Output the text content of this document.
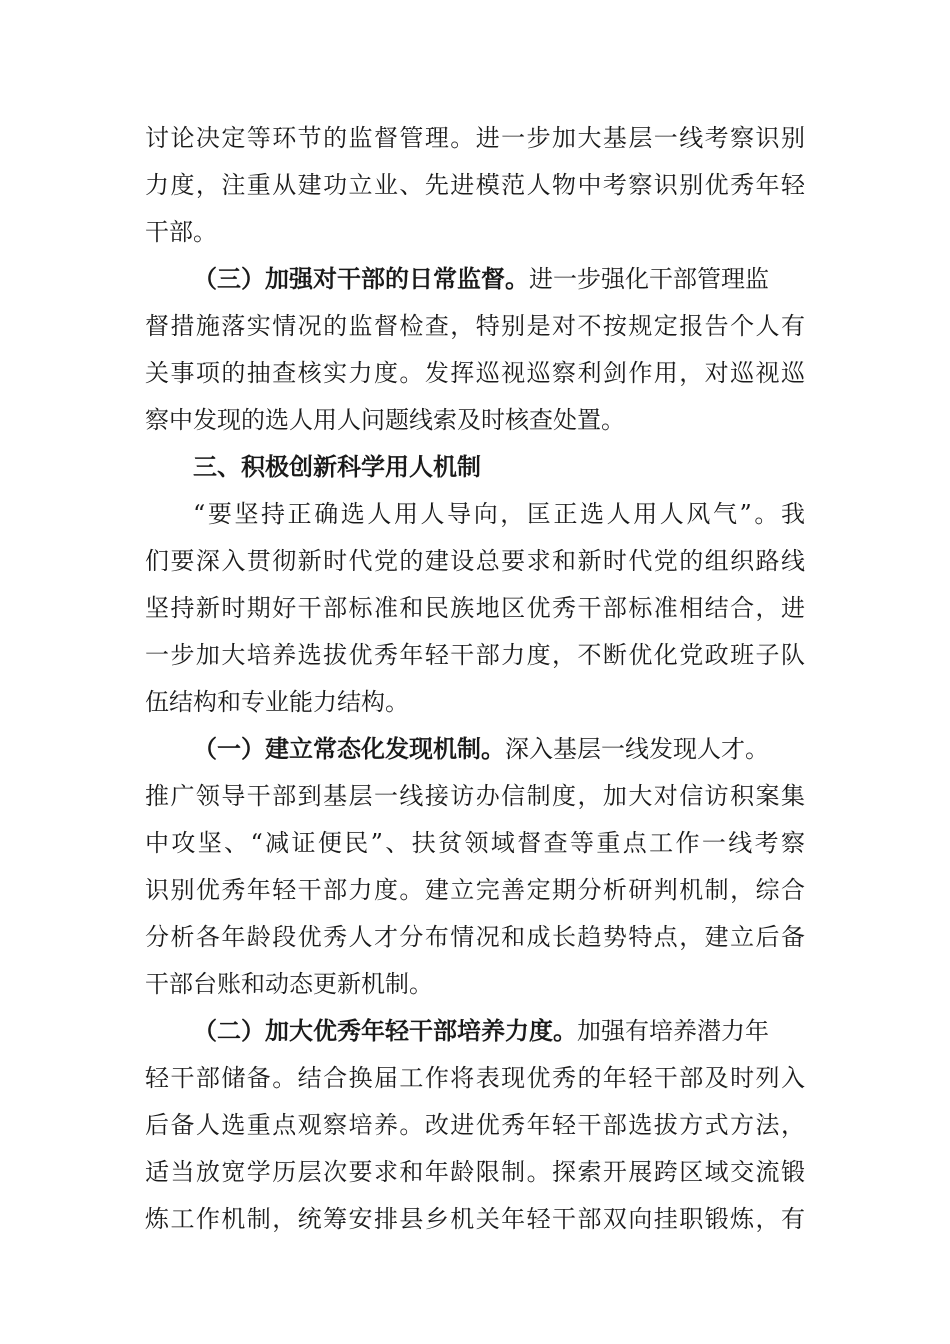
讨论决定等环节的监督管理。进一步加大基层一线考察识别
力度，注重从建功立业、先进模范人物中考察识别优秀年轻
干部。
（三）加强对干部的日常监督。进一步强化干部管理监
督措施落实情况的监督检查，特别是对不按规定报告个人有
关事项的抽查核实力度。发挥巡视巡察利剑作用，对巡视巡
察中发现的选人用人问题线索及时核查处置。
三、积极创新科学用人机制
“要坚持正确选人用人导向，匡正选人用人风气”。我
们要深入贯彻新时代党的建设总要求和新时代党的组织路线
坚持新时期好干部标准和民族地区优秀干部标准相结合，进
一步加大培养选拔优秀年轻干部力度，不断优化党政班子队
伍结构和专业能力结构。
（一）建立常态化发现机制。深入基层一线发现人才。
推广领导干部到基层一线接访办信制度，加大对信访积案集
中攻坚、“减证便民”、扶贫领域督查等重点工作一线考察
识别优秀年轻干部力度。建立完善定期分析研判机制，综合
分析各年龄段优秀人才分布情况和成长趋势特点，建立后备
干部台账和动态更新机制。
（二）加大优秀年轻干部培养力度。加强有培养潜力年
轻干部储备。结合换届工作将表现优秀的年轻干部及时列入
后备人选重点观察培养。改进优秀年轻干部选拔方式方法，
适当放宽学历层次要求和年龄限制。探索开展跨区域交流锻
炼工作机制，统筹安排县乡机关年轻干部双向挂职锻炼，有
